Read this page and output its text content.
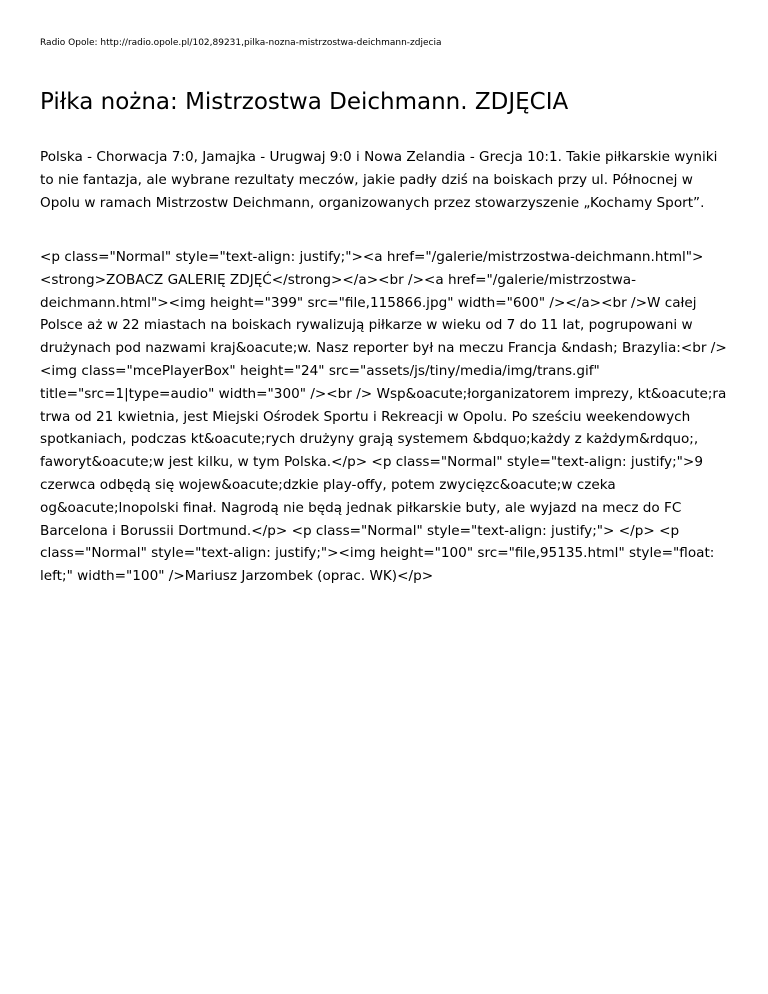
Radio Opole: http://radio.opole.pl/102,89231,pilka-nozna-mistrzostwa-deichmann-zdjecia
Piłka nożna: Mistrzostwa Deichmann. ZDJĘCIA

Polska - Chorwacja 7:0, Jamajka - Urugwaj 9:0 i Nowa Zelandia - Grecja 10:1. Takie piłkarskie wyniki to nie fantazja, ale wybrane rezultaty meczów, jakie padły dziś na boiskach przy ul. Północnej w Opolu w ramach Mistrzostw Deichmann, organizowanych przez stowarzyszenie „Kochamy Sport”.

<p class="Normal" style="text-align: justify;"><a href="/galerie/mistrzostwa-deichmann.html"><strong>ZOBACZ GALERIĘ ZDJĘĆ</strong></a><br /><a href="/galerie/mistrzostwa-deichmann.html"><img height="399" src="file,115866.jpg" width="600" /></a><br />W całej Polsce aż w 22 miastach na boiskach rywalizują piłkarze w wieku od 7 do 11 lat, pogrupowani w drużynach pod nazwami kraj&oacute;w. Nasz reporter był na meczu Francja &ndash; Brazylia:<br /> <img class="mcePlayerBox" height="24" src="assets/js/tiny/media/img/trans.gif" title="src=1|type=audio" width="300" /><br /> Wsp&oacute;łorganizatorem imprezy, kt&oacute;ra trwa od 21 kwietnia, jest Miejski Ośrodek Sportu i Rekreacji w Opolu. Po sześciu weekendowych spotkaniach, podczas kt&oacute;rych drużyny grają systemem &bdquo;każdy z każdym&rdquo;, faworyt&oacute;w jest kilku, w tym Polska.</p> <p class="Normal" style="text-align: justify;">9 czerwca odbędą się wojew&oacute;dzkie play-offy, potem zwycięzc&oacute;w czeka og&oacute;lnopolski finał. Nagrodą nie będą jednak piłkarskie buty, ale wyjazd na mecz do FC Barcelona i Borussii Dortmund.</p> <p class="Normal" style="text-align: justify;"> </p> <p class="Normal" style="text-align: justify;"><img height="100" src="file,95135.html" style="float: left;" width="100" />Mariusz Jarzombek (oprac. WK)</p>
